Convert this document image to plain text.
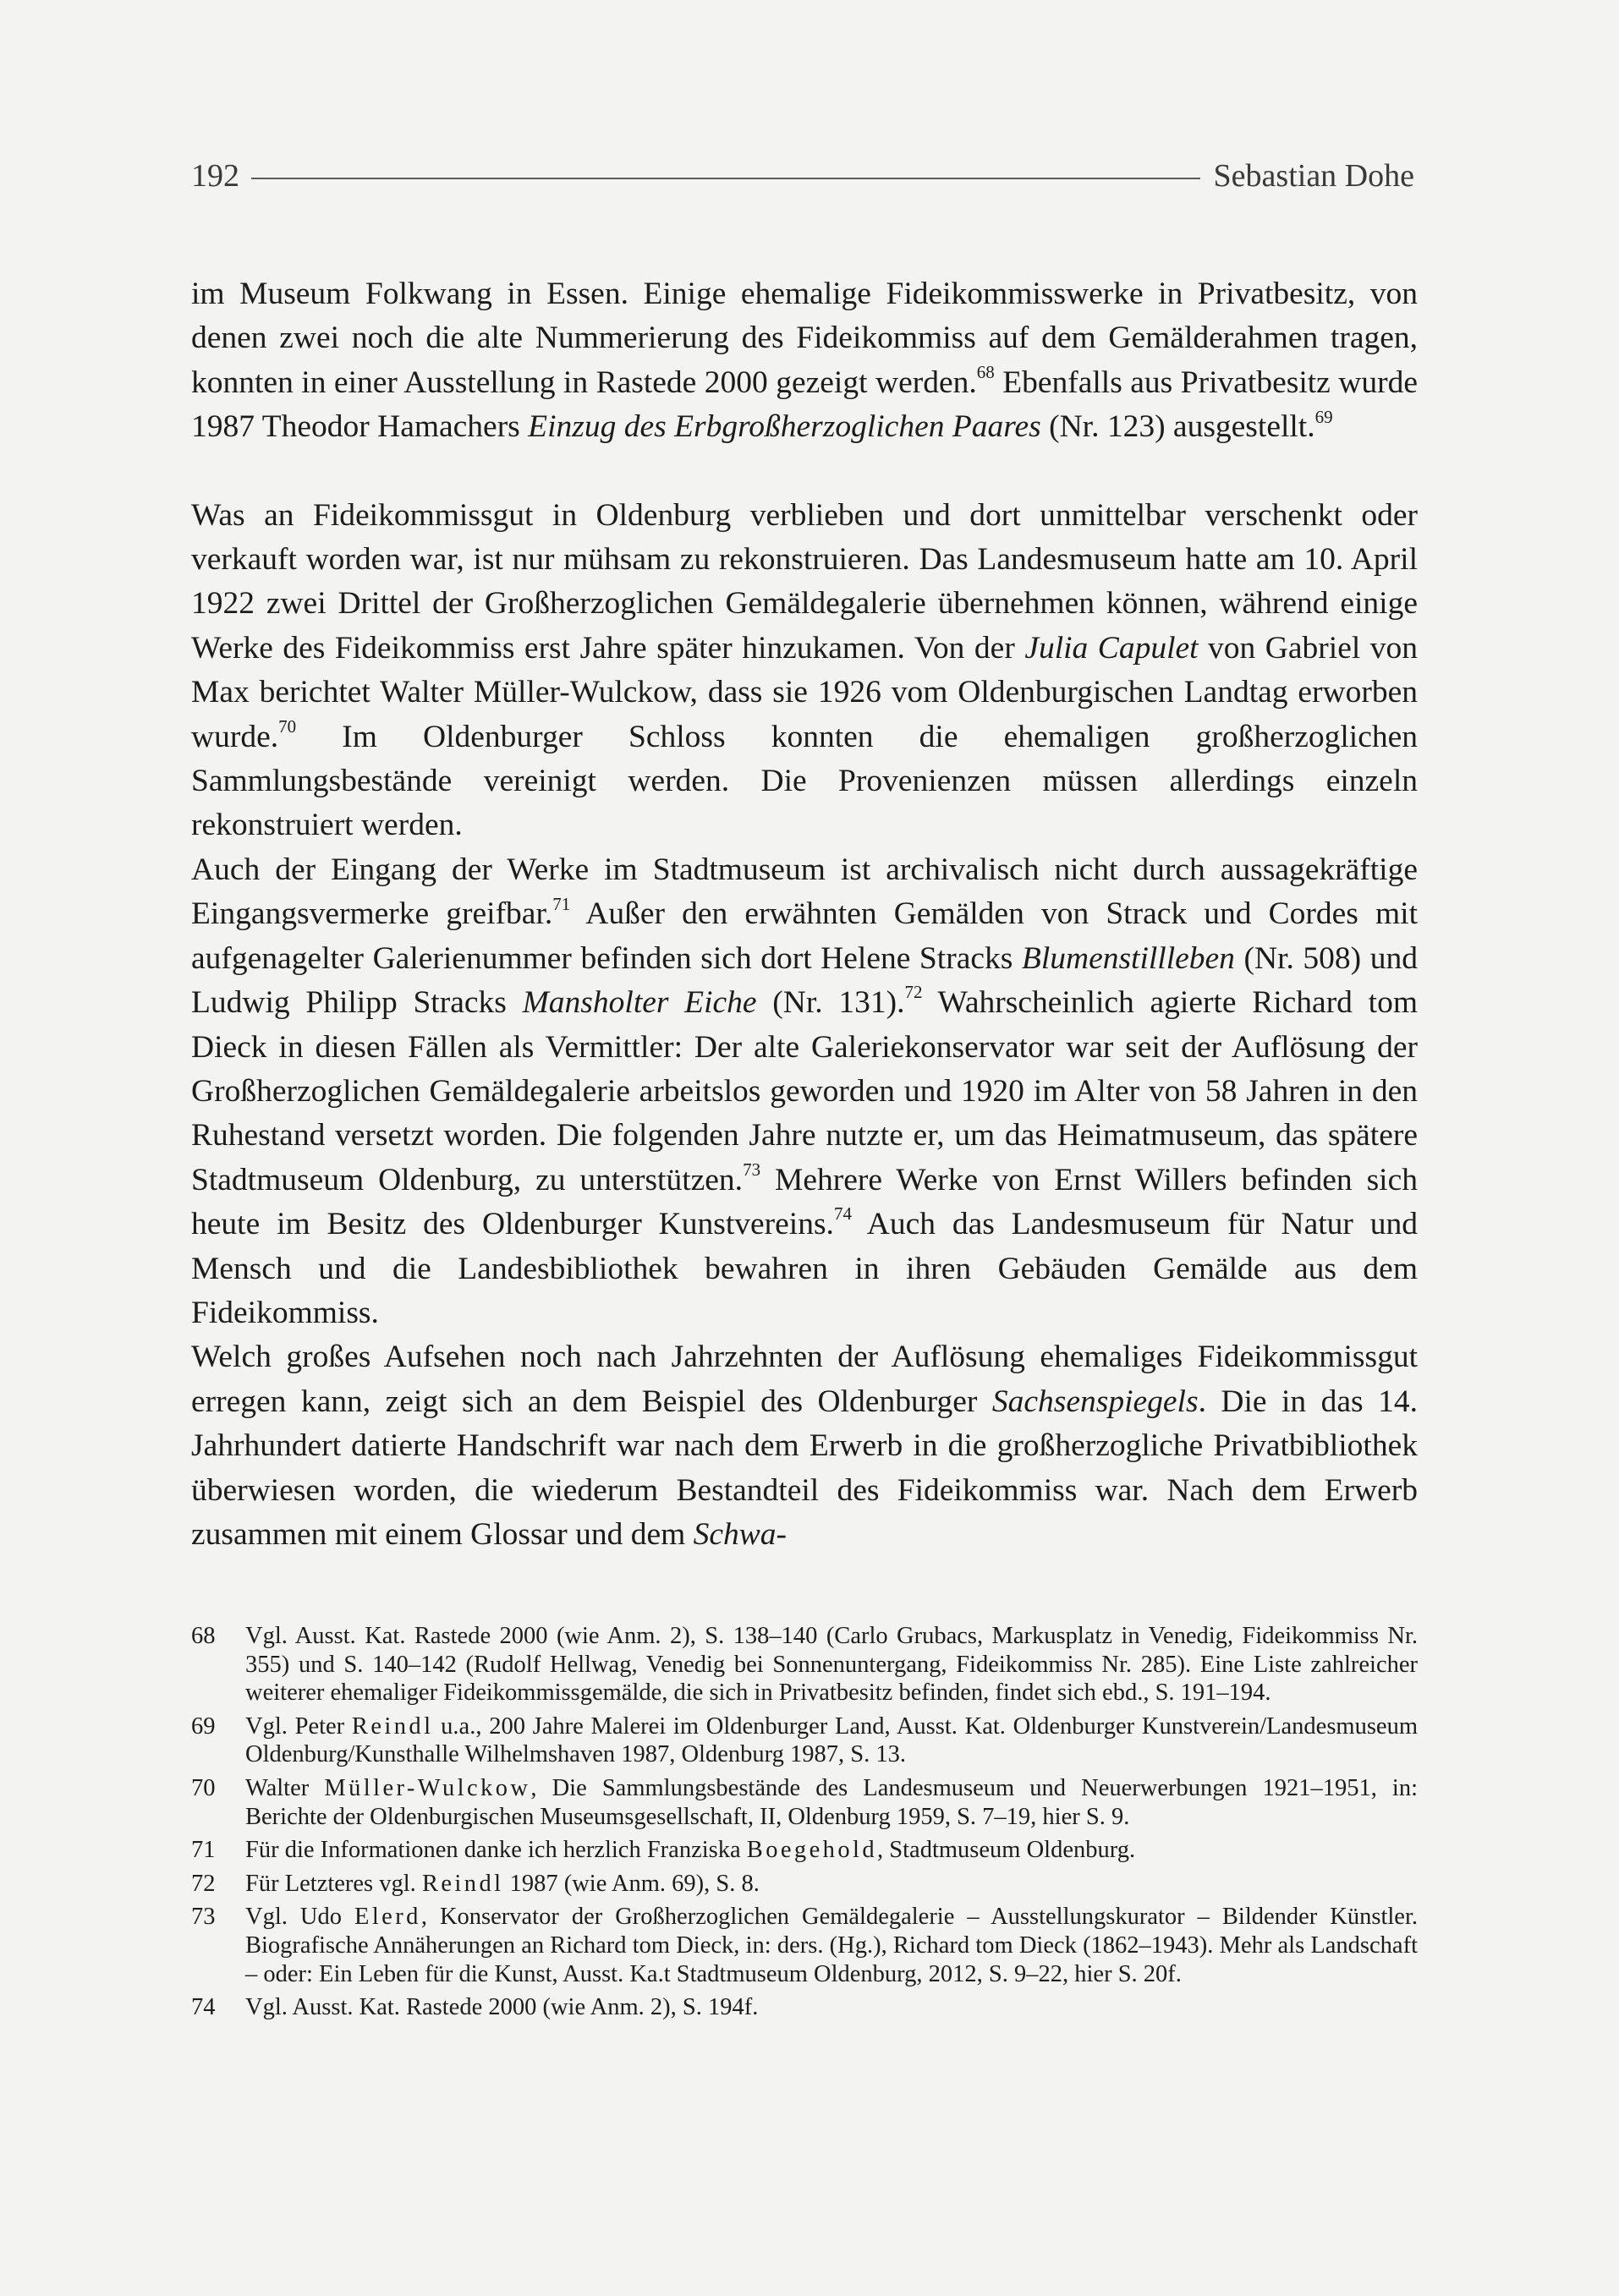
192	Sebastian Dohe

im Museum Folkwang in Essen. Einige ehemalige Fideikommisswerke in Privatbesitz, von denen zwei noch die alte Nummerierung des Fideikommiss auf dem Gemälderahmen tragen, konnten in einer Ausstellung in Rastede 2000 gezeigt werden.$^{68}$ Ebenfalls aus Privatbesitz wurde 1987 Theodor Hamachers Einzug des Erbgroßherzoglichen Paares (Nr. 123) ausgestellt.$^{69}$

Was an Fideikommissgut in Oldenburg verblieben und dort unmittelbar verschenkt oder verkauft worden war, ist nur mühsam zu rekonstruieren. Das Landesmuseum hatte am 10. April 1922 zwei Drittel der Großherzoglichen Gemäldegalerie übernehmen können, während einige Werke des Fideikommiss erst Jahre später hinzukamen. Von der Julia Capulet von Gabriel von Max berichtet Walter Müller-Wulckow, dass sie 1926 vom Oldenburgischen Landtag erworben wurde.$^{70}$ Im Oldenburger Schloss konnten die ehemaligen großherzoglichen Sammlungsbestände vereinigt werden. Die Provenienzen müssen allerdings einzeln rekonstruiert werden.

Auch der Eingang der Werke im Stadtmuseum ist archivalisch nicht durch aussagekräftige Eingangsvermerke greifbar.$^{71}$ Außer den erwähnten Gemälden von Strack und Cordes mit aufgenagelter Galerienummer befinden sich dort Helene Stracks Blumenstillleben (Nr. 508) und Ludwig Philipp Stracks Mansholter Eiche (Nr. 131).$^{72}$ Wahrscheinlich agierte Richard tom Dieck in diesen Fällen als Vermittler: Der alte Galeriekonservator war seit der Auflösung der Großherzoglichen Gemäldegalerie arbeitslos geworden und 1920 im Alter von 58 Jahren in den Ruhestand versetzt worden. Die folgenden Jahre nutzte er, um das Heimatmuseum, das spätere Stadtmuseum Oldenburg, zu unterstützen.$^{73}$ Mehrere Werke von Ernst Willers befinden sich heute im Besitz des Oldenburger Kunstvereins.$^{74}$ Auch das Landesmuseum für Natur und Mensch und die Landesbibliothek bewahren in ihren Gebäuden Gemälde aus dem Fideikommiss.

Welch großes Aufsehen noch nach Jahrzehnten der Auflösung ehemaliges Fideikommissgut erregen kann, zeigt sich an dem Beispiel des Oldenburger Sachsenspiegels. Die in das 14. Jahrhundert datierte Handschrift war nach dem Erwerb in die großherzogliche Privatbibliothek überwiesen worden, die wiederum Bestandteil des Fideikommiss war. Nach dem Erwerb zusammen mit einem Glossar und dem Schwa-

68	Vgl. Ausst. Kat. Rastede 2000 (wie Anm. 2), S. 138–140 (Carlo Grubacs, Markusplatz in Venedig, Fideikommiss Nr. 355) und S. 140–142 (Rudolf Hellwag, Venedig bei Sonnenuntergang, Fideikommiss Nr. 285). Eine Liste zahlreicher weiterer ehemaliger Fideikommissgemälde, die sich in Privatbesitz befinden, findet sich ebd., S. 191–194.
69	Vgl. Peter Reindl u.a., 200 Jahre Malerei im Oldenburger Land, Ausst. Kat. Oldenburger Kunstverein/Landesmuseum Oldenburg/Kunsthalle Wilhelmshaven 1987, Oldenburg 1987, S. 13.
70	Walter Müller-Wulckow, Die Sammlungsbestände des Landesmuseum und Neuerwerbungen 1921–1951, in: Berichte der Oldenburgischen Museumsgesellschaft, II, Oldenburg 1959, S. 7–19, hier S. 9.
71	Für die Informationen danke ich herzlich Franziska Boegehold, Stadtmuseum Oldenburg.
72	Für Letzteres vgl. Reindl 1987 (wie Anm. 69), S. 8.
73	Vgl. Udo Elerd, Konservator der Großherzoglichen Gemäldegalerie – Ausstellungskurator – Bildender Künstler. Biografische Annäherungen an Richard tom Dieck, in: ders. (Hg.), Richard tom Dieck (1862–1943). Mehr als Landschaft – oder: Ein Leben für die Kunst, Ausst. Ka.t Stadtmuseum Oldenburg, 2012, S. 9–22, hier S. 20f.
74	Vgl. Ausst. Kat. Rastede 2000 (wie Anm. 2), S. 194f.
